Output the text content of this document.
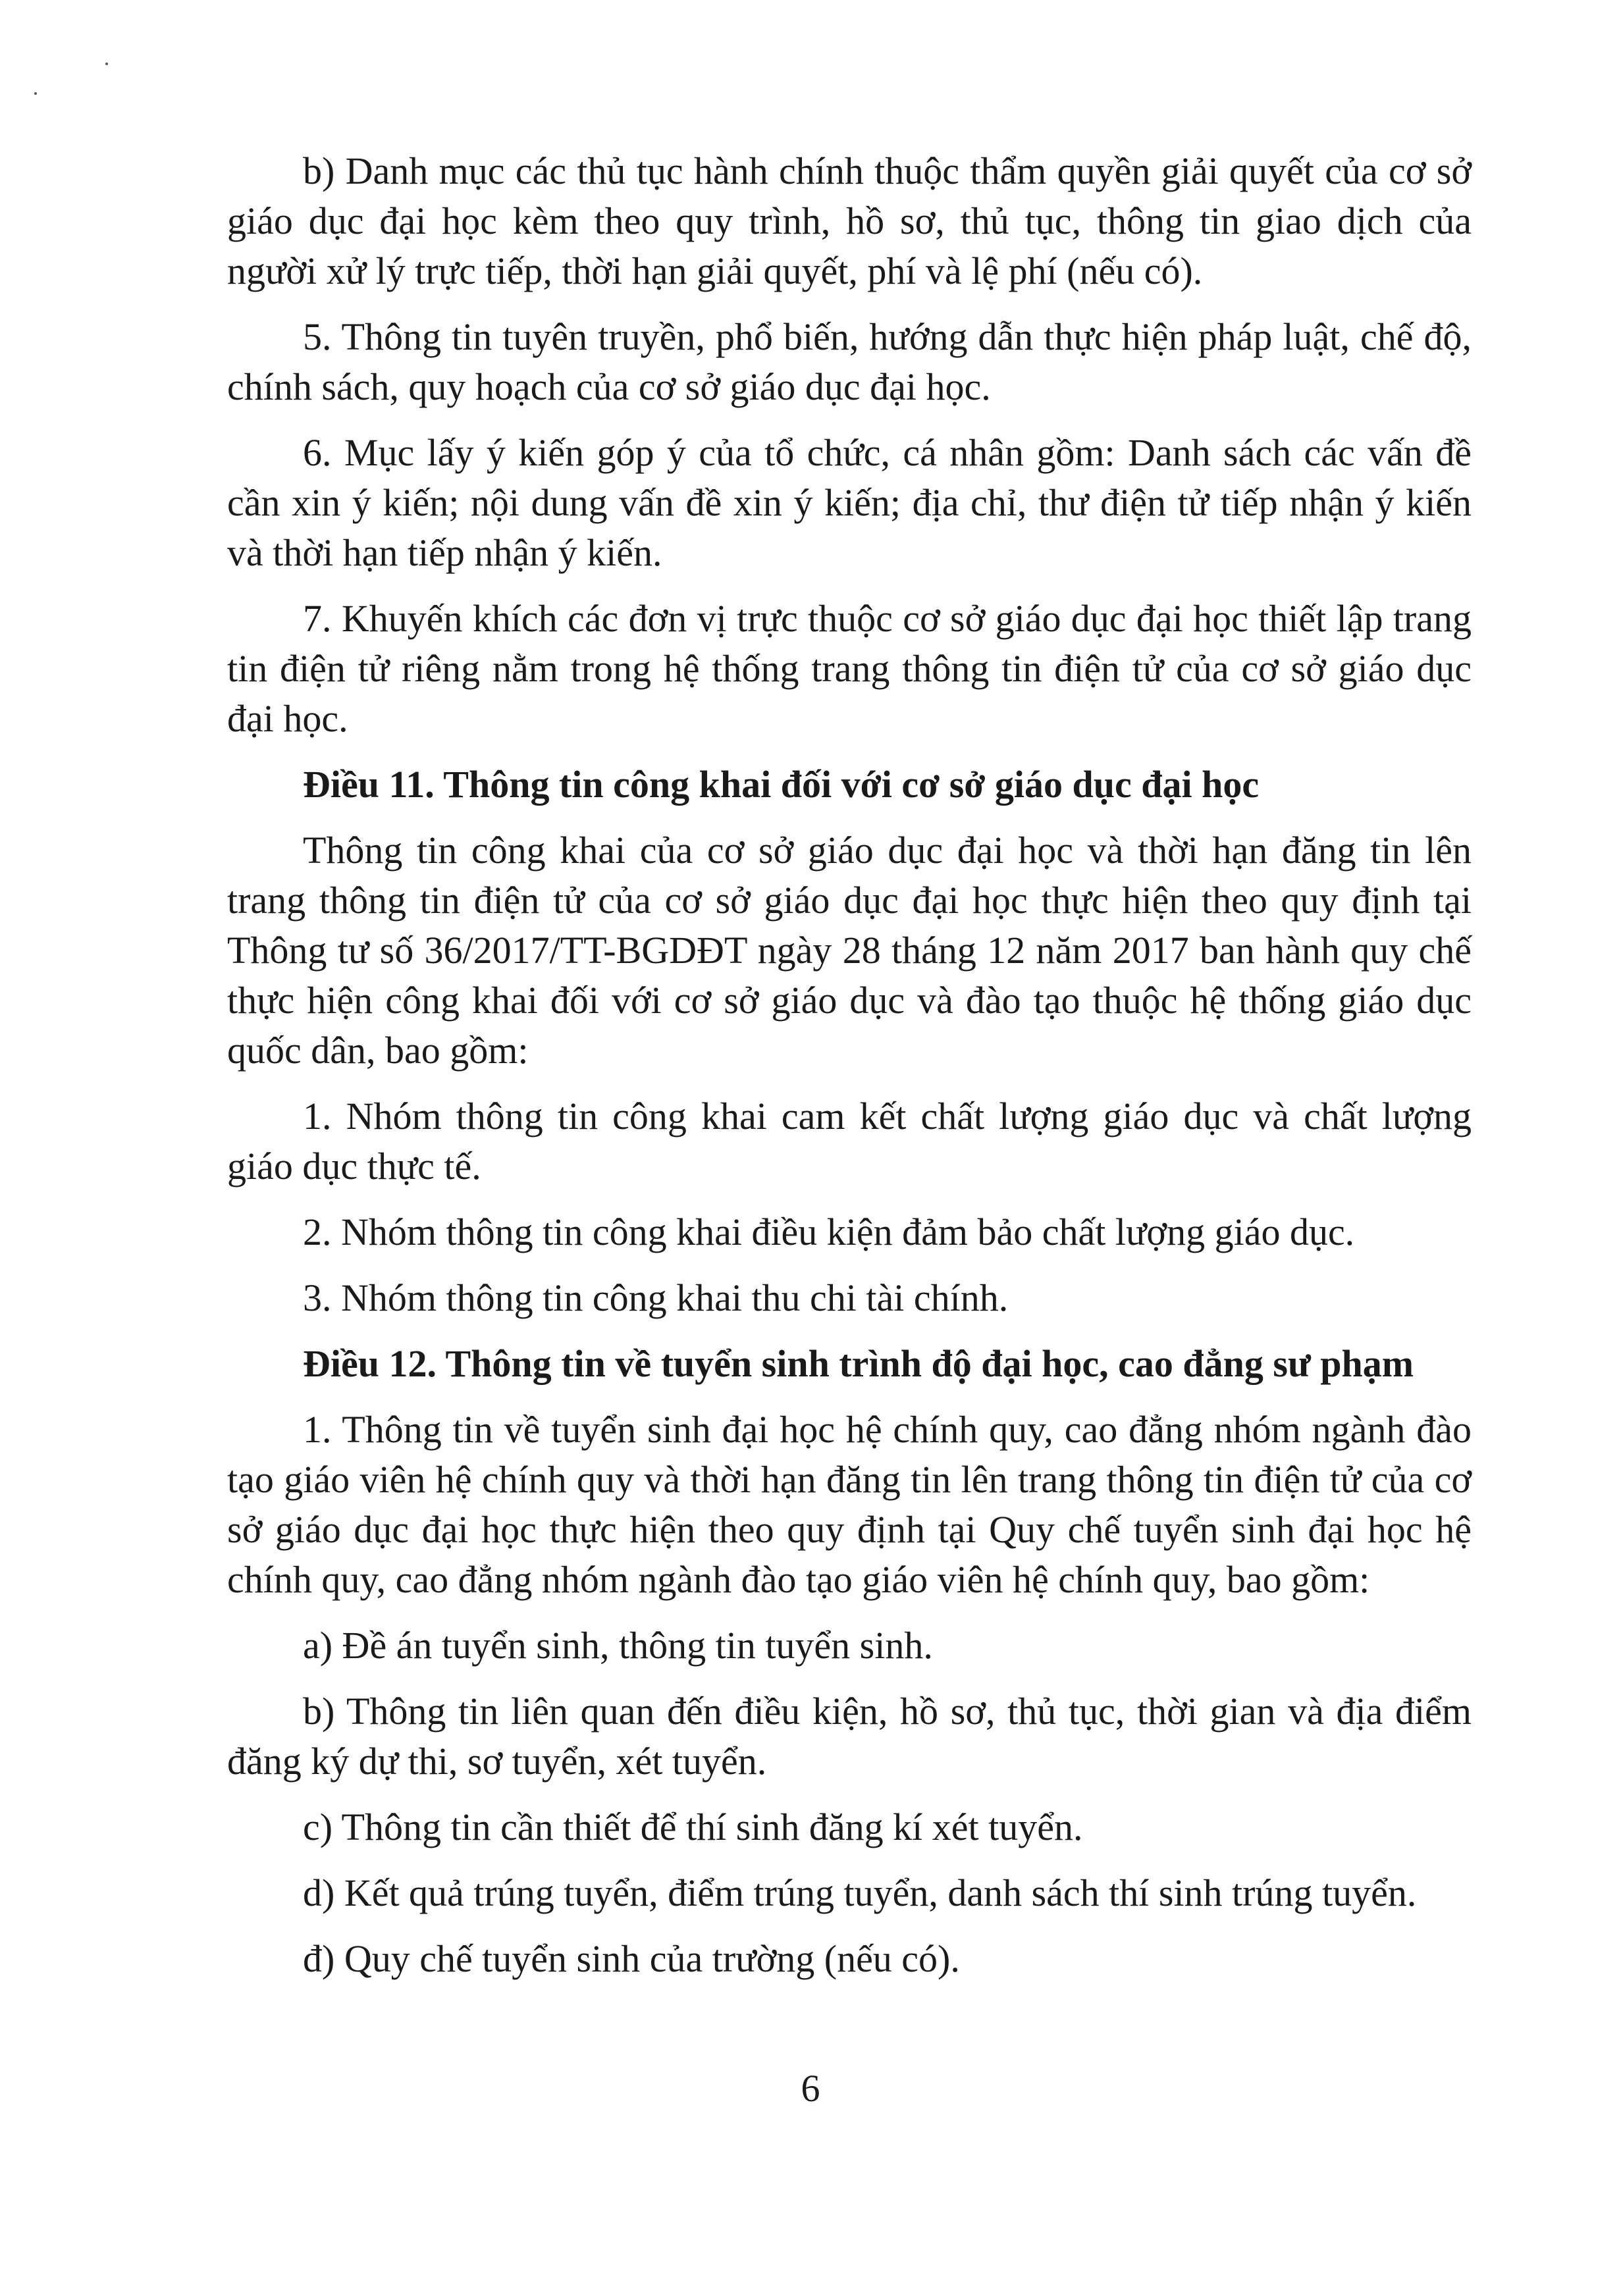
b) Danh mục các thủ tục hành chính thuộc thẩm quyền giải quyết của cơ sở giáo dục đại học kèm theo quy trình, hồ sơ, thủ tục, thông tin giao dịch của người xử lý trực tiếp, thời hạn giải quyết, phí và lệ phí (nếu có).

5. Thông tin tuyên truyền, phổ biến, hướng dẫn thực hiện pháp luật, chế độ, chính sách, quy hoạch của cơ sở giáo dục đại học.

6. Mục lấy ý kiến góp ý của tổ chức, cá nhân gồm: Danh sách các vấn đề cần xin ý kiến; nội dung vấn đề xin ý kiến; địa chỉ, thư điện tử tiếp nhận ý kiến và thời hạn tiếp nhận ý kiến.

7. Khuyến khích các đơn vị trực thuộc cơ sở giáo dục đại học thiết lập trang tin điện tử riêng nằm trong hệ thống trang thông tin điện tử của cơ sở giáo dục đại học.

Điều 11. Thông tin công khai đối với cơ sở giáo dục đại học

Thông tin công khai của cơ sở giáo dục đại học và thời hạn đăng tin lên trang thông tin điện tử của cơ sở giáo dục đại học thực hiện theo quy định tại Thông tư số 36/2017/TT-BGDĐT ngày 28 tháng 12 năm 2017 ban hành quy chế thực hiện công khai đối với cơ sở giáo dục và đào tạo thuộc hệ thống giáo dục quốc dân, bao gồm:

1. Nhóm thông tin công khai cam kết chất lượng giáo dục và chất lượng giáo dục thực tế.

2. Nhóm thông tin công khai điều kiện đảm bảo chất lượng giáo dục.

3. Nhóm thông tin công khai thu chi tài chính.

Điều 12. Thông tin về tuyển sinh trình độ đại học, cao đẳng sư phạm

1. Thông tin về tuyển sinh đại học hệ chính quy, cao đẳng nhóm ngành đào tạo giáo viên hệ chính quy và thời hạn đăng tin lên trang thông tin điện tử của cơ sở giáo dục đại học thực hiện theo quy định tại Quy chế tuyển sinh đại học hệ chính quy, cao đẳng nhóm ngành đào tạo giáo viên hệ chính quy, bao gồm:

a) Đề án tuyển sinh, thông tin tuyển sinh.

b) Thông tin liên quan đến điều kiện, hồ sơ, thủ tục, thời gian và địa điểm đăng ký dự thi, sơ tuyển, xét tuyển.

c) Thông tin cần thiết để thí sinh đăng kí xét tuyển.

d) Kết quả trúng tuyển, điểm trúng tuyển, danh sách thí sinh trúng tuyển.

đ) Quy chế tuyển sinh của trường (nếu có).

6
